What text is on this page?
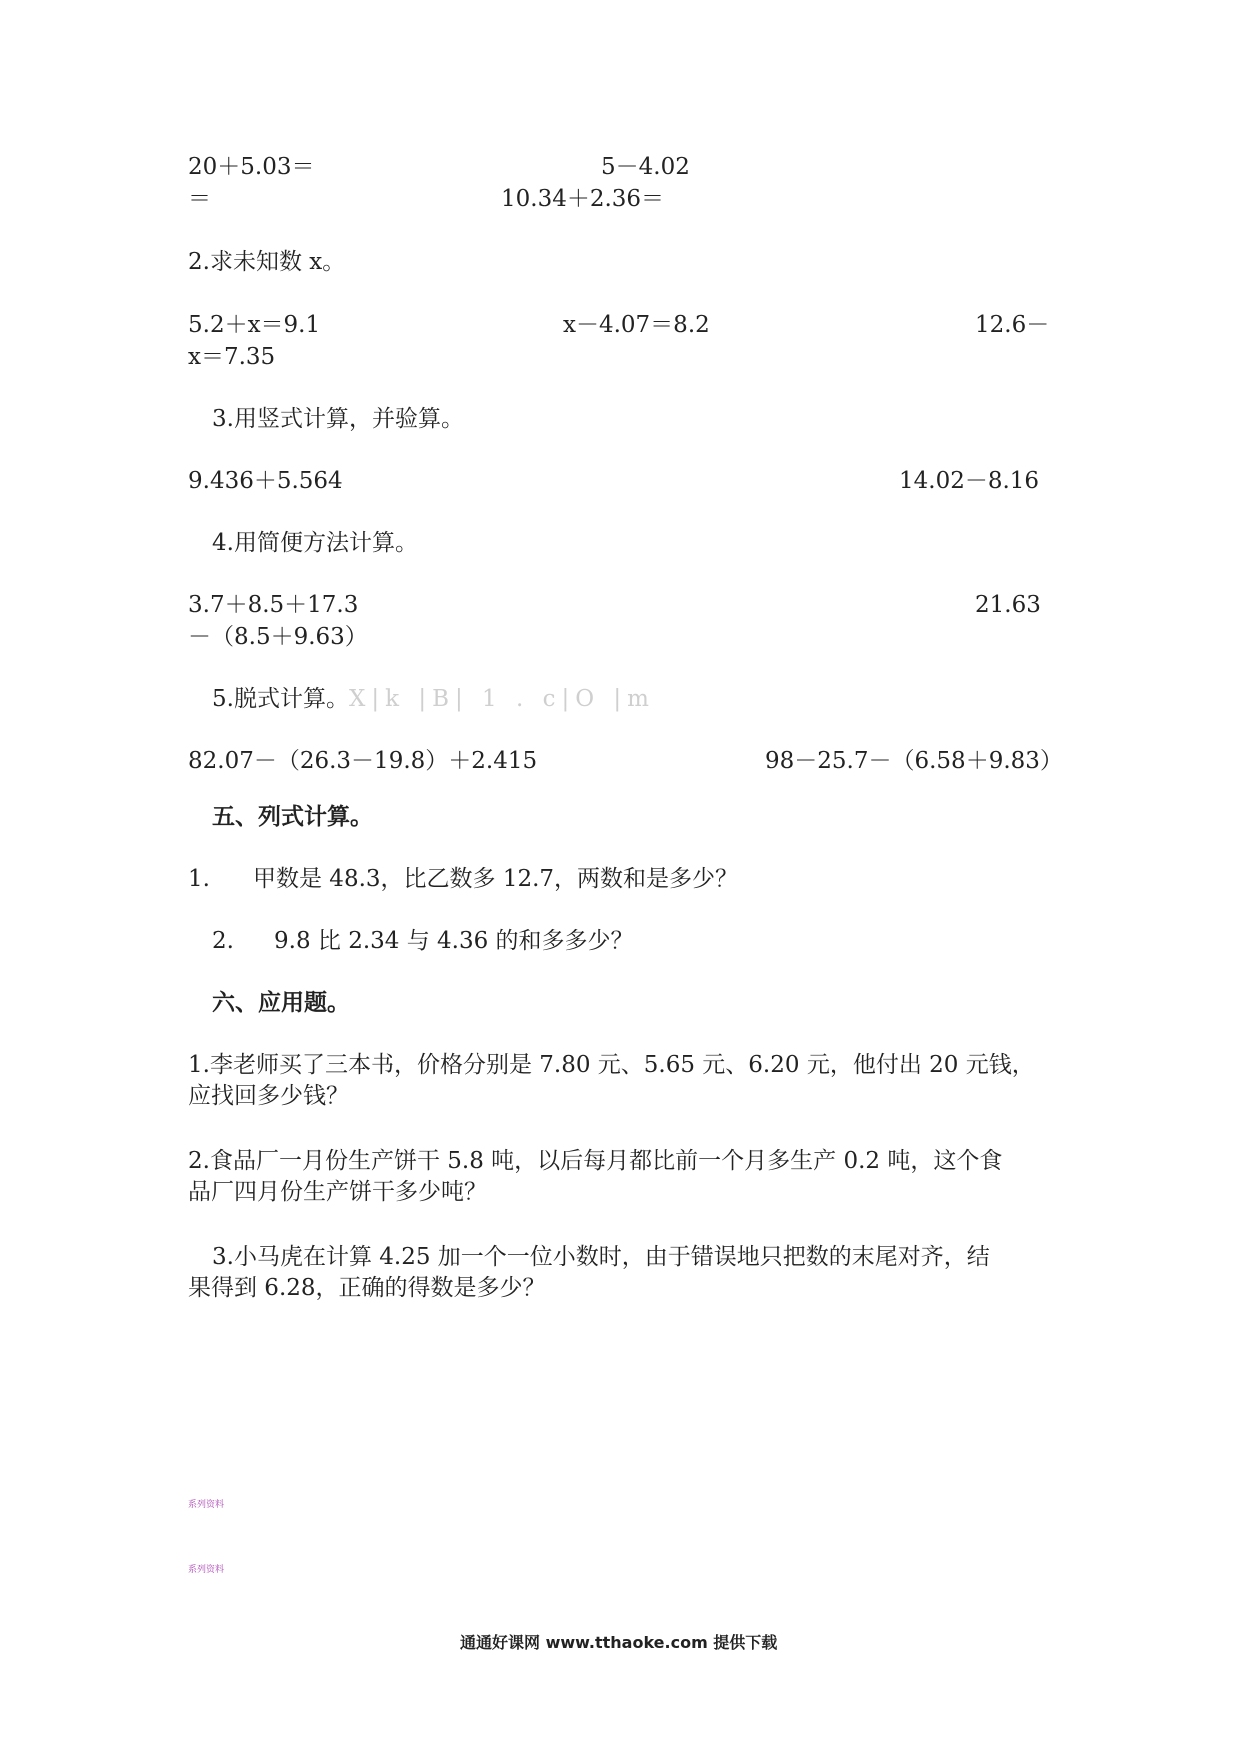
20＋5.03＝	5－4.02
＝	10.34＋2.36＝
2.求未知数 x。
5.2＋x＝9.1	x－4.07＝8.2	12.6－
x＝7.35
3.用竖式计算，并验算。
9.436＋5.564	14.02－8.16
4.用简便方法计算。
3.7＋8.5＋17.3	21.63
－（8.5＋9.63）
5.脱式计算。X|k |B| 1 . c|O |m
82.07－（26.3－19.8）＋2.415	98－25.7－（6.58＋9.83）
五、列式计算。
1. 甲数是 48.3，比乙数多 12.7，两数和是多少？
2. 9.8 比 2.34 与 4.36 的和多多少？
六、应用题。
1.李老师买了三本书，价格分别是 7.80 元、5.65 元、6.20 元，他付出 20 元钱，
应找回多少钱？
2.食品厂一月份生产饼干 5.8 吨，以后每月都比前一个月多生产 0.2 吨，这个食
品厂四月份生产饼干多少吨？
3.小马虎在计算 4.25 加一个一位小数时，由于错误地只把数的末尾对齐，结
果得到 6.28，正确的得数是多少？
系列资料
系列资料
通通好课网 www.tthaoke.com 提供下载
